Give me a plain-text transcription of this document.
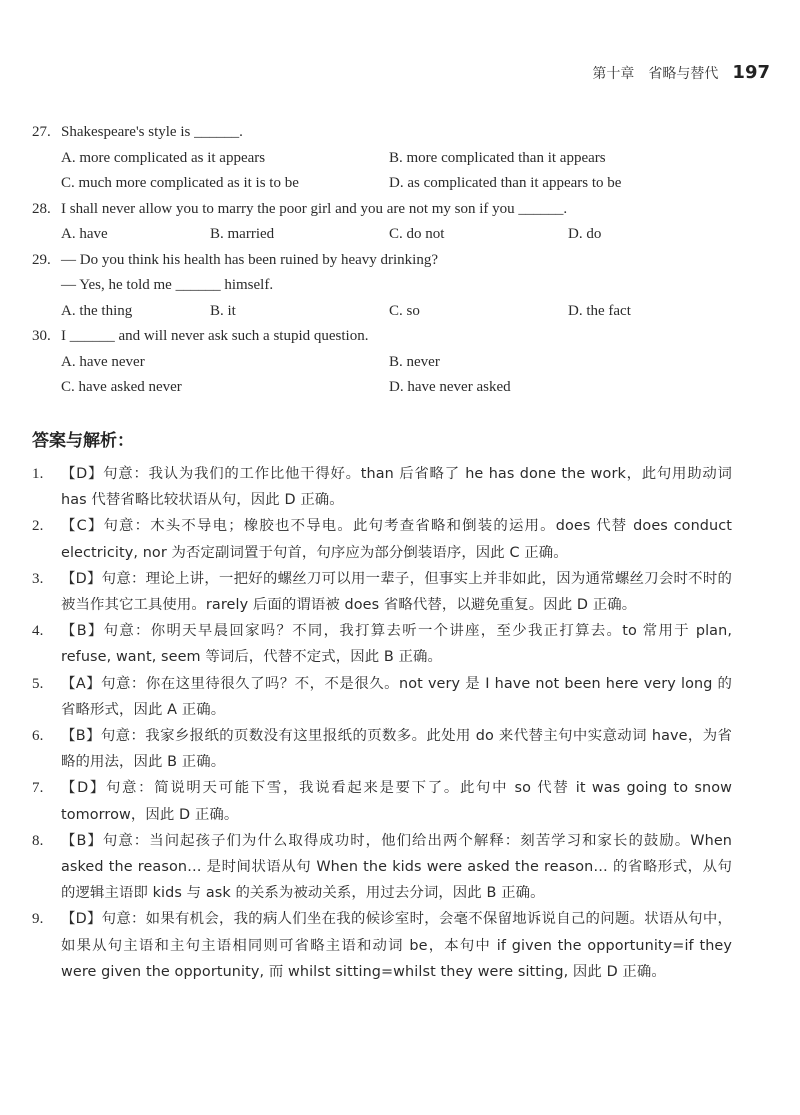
第十章　省略与替代 197
27. Shakespeare's style is ______.
A. more complicated as it appears	B. more complicated than it appears
C. much more complicated as it is to be	D. as complicated than it appears to be
28. I shall never allow you to marry the poor girl and you are not my son if you ______.
A. have	B. married	C. do not	D. do
29. — Do you think his health has been ruined by heavy drinking?
— Yes, he told me ______ himself.
A. the thing	B. it	C. so	D. the fact
30. I ______ and will never ask such a stupid question.
A. have never	B. never
C. have asked never	D. have never asked
答案与解析：
1.	【D】句意：我认为我们的工作比他干得好。than 后省略了 he has done the work，此句用助动词 has 代替省略比较状语从句，因此 D 正确。
2.	【C】句意：木头不导电；橡胶也不导电。此句考查省略和倒装的运用。does 代替 does conduct electricity, nor 为否定副词置于句首，句序应为部分倒装语序，因此 C 正确。
3.	【D】句意：理论上讲，一把好的螺丝刀可以用一辈子，但事实上并非如此，因为通常螺丝刀会时不时的被当作其它工具使用。rarely 后面的谓语被 does 省略代替，以避免重复。因此 D 正确。
4.	【B】句意：你明天早晨回家吗？不同，我打算去听一个讲座，至少我正打算去。to 常用于 plan, refuse, want, seem 等词后，代替不定式，因此 B 正确。
5.	【A】句意：你在这里待很久了吗？不，不是很久。not very 是 I have not been here very long 的省略形式，因此 A 正确。
6.	【B】句意：我家乡报纸的页数没有这里报纸的页数多。此处用 do 来代替主句中实意动词 have，为省略的用法，因此 B 正确。
7.	【D】句意：简说明天可能下雪，我说看起来是要下了。此句中 so 代替 it was going to snow tomorrow，因此 D 正确。
8.	【B】句意：当问起孩子们为什么取得成功时，他们给出两个解释：刻苦学习和家长的鼓励。When asked the reason… 是时间状语从句 When the kids were asked the reason… 的省略形式，从句的逻辑主语即 kids 与 ask 的关系为被动关系，用过去分词，因此 B 正确。
9.	【D】句意：如果有机会，我的病人们坐在我的候诊室时，会毫不保留地诉说自己的问题。状语从句中，如果从句主语和主句主语相同则可省略主语和动词 be，本句中 if given the opportunity=if they were given the opportunity, 而 whilst sitting=whilst they were sitting, 因此 D 正确。
